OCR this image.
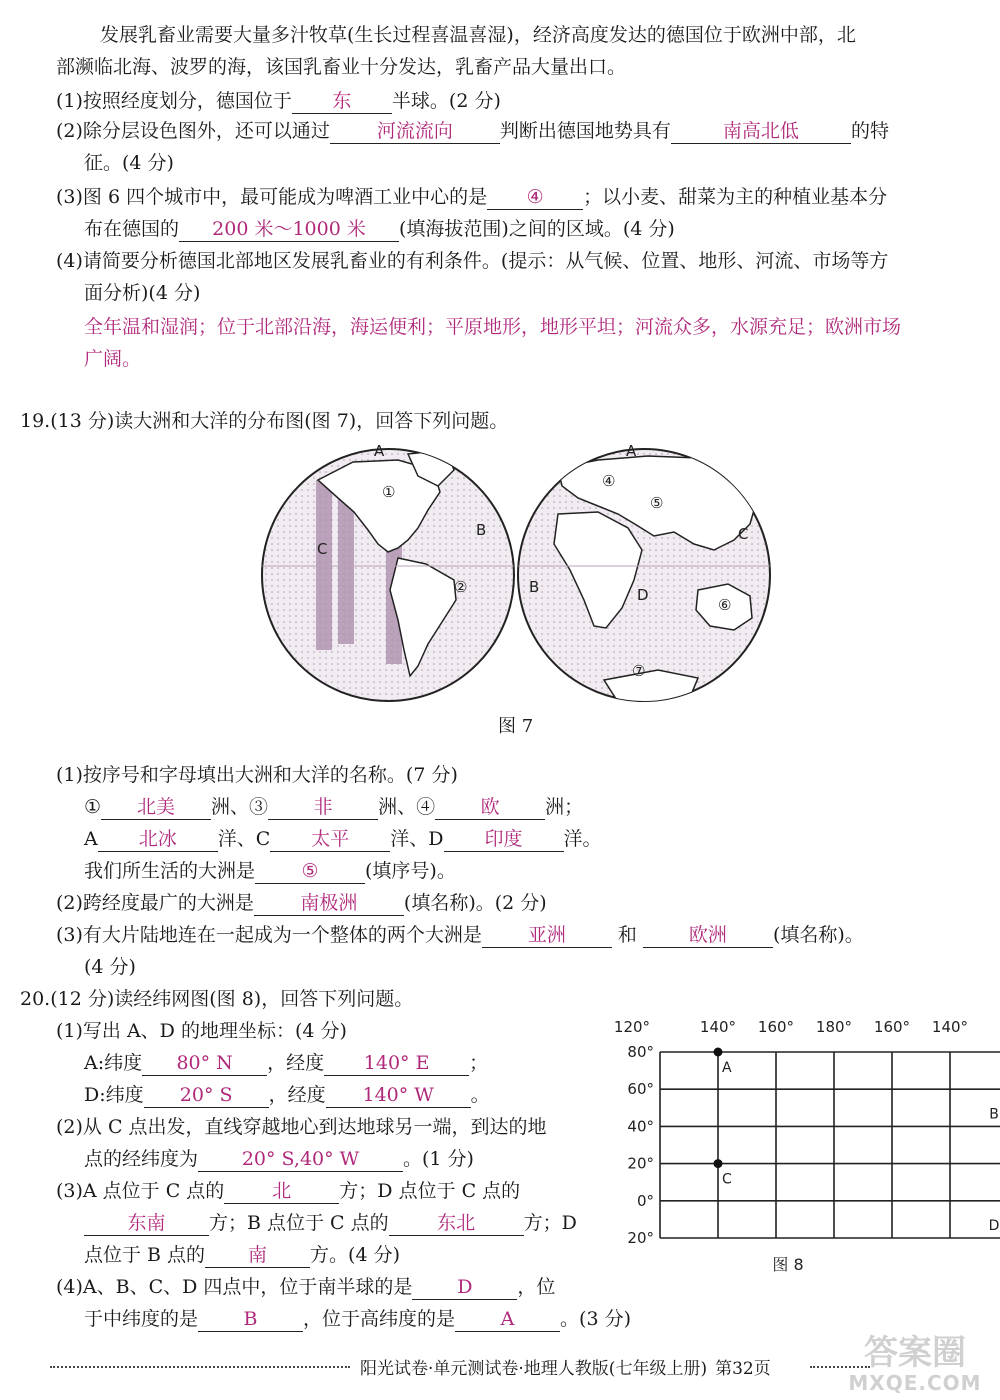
发展乳畜业需要大量多汁牧草(生长过程喜温喜湿)，经济高度发达的德国位于欧洲中部，北
部濒临北海、波罗的海，该国乳畜业十分发达，乳畜产品大量出口。
(1)按照经度划分，德国位于 东 半球。(2 分)
(2)除分层设色图外，还可以通过 河流流向 判断出德国地势具有	南高北低	的特
征。(4 分)
(3)图 6 四个城市中，最可能成为啤酒工业中心的是 ④ ；以小麦、甜菜为主的种植业基本分
布在德国的 200 米～1000 米 (填海拔范围)之间的区域。(4 分)
(4)请简要分析德国北部地区发展乳畜业的有利条件。(提示：从气候、位置、地形、河流、市场等方
面分析)(4 分)
全年温和湿润；位于北部沿海，海运便利；平原地形，地形平坦；河流众多，水源充足；欧洲市场
广阔。
19.(13 分)读大洲和大洋的分布图(图 7)，回答下列问题。
A
①
B
C
②
A
④
⑤
C
B	D
⑥
⑦
图 7
(1)按序号和字母填出大洲和大洋的名称。(7 分)
① 北美 洲、③ 非 洲、④ 欧 洲；
A 北冰 洋、C 太平 洋、D 印度 洋。
我们所生活的大洲是 ⑤ (填序号)。
(2)跨经度最广的大洲是 南极洲 (填名称)。(2 分)
(3)有大片陆地连在一起成为一个整体的两个大洲是 亚洲	和	欧洲 (填名称)。
(4 分)
20.(12 分)读经纬网图(图 8)，回答下列问题。
(1)写出 A、D 的地理坐标：(4 分)
A:纬度 80° N ，经度 140° E ；
D:纬度 20° S ，经度 140° W 。
(2)从 C 点出发，直线穿越地心到达地球另一端，到达的地
点的经纬度为 20° S,40° W 。(1 分)
(3)A 点位于 C 点的	北	方；D 点位于 C 点的
东南 方；B 点位于 C 点的	东北	方；D
点位于 B 点的 南 方。(4 分)
(4)A、B、C、D 四点中，位于南半球的是 D ，位
于中纬度的是 B ，位于高纬度的是 A 。(3 分)
120°	140° 160° 180° 160° 140°
80°
60°
40°
20°
0°
20°
A
B
C
D
图 8
阳光试卷·单元测试卷·地理人教版(七年级上册) 第32页	答案圈
MXQE.COM
